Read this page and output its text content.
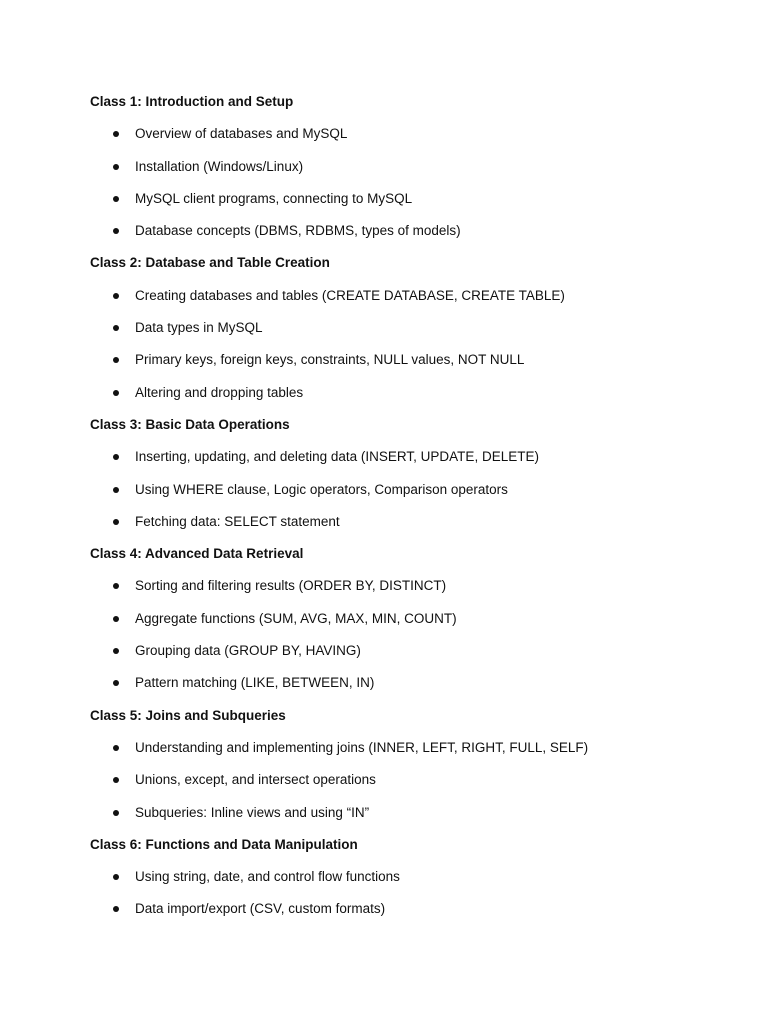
Class 1: Introduction and Setup
Overview of databases and MySQL
Installation (Windows/Linux)
MySQL client programs, connecting to MySQL
Database concepts (DBMS, RDBMS, types of models)
Class 2: Database and Table Creation
Creating databases and tables (CREATE DATABASE, CREATE TABLE)
Data types in MySQL
Primary keys, foreign keys, constraints, NULL values, NOT NULL
Altering and dropping tables
Class 3: Basic Data Operations
Inserting, updating, and deleting data (INSERT, UPDATE, DELETE)
Using WHERE clause, Logic operators, Comparison operators
Fetching data: SELECT statement
Class 4: Advanced Data Retrieval
Sorting and filtering results (ORDER BY, DISTINCT)
Aggregate functions (SUM, AVG, MAX, MIN, COUNT)
Grouping data (GROUP BY, HAVING)
Pattern matching (LIKE, BETWEEN, IN)
Class 5: Joins and Subqueries
Understanding and implementing joins (INNER, LEFT, RIGHT, FULL, SELF)
Unions, except, and intersect operations
Subqueries: Inline views and using “IN”
Class 6: Functions and Data Manipulation
Using string, date, and control flow functions
Data import/export (CSV, custom formats)
